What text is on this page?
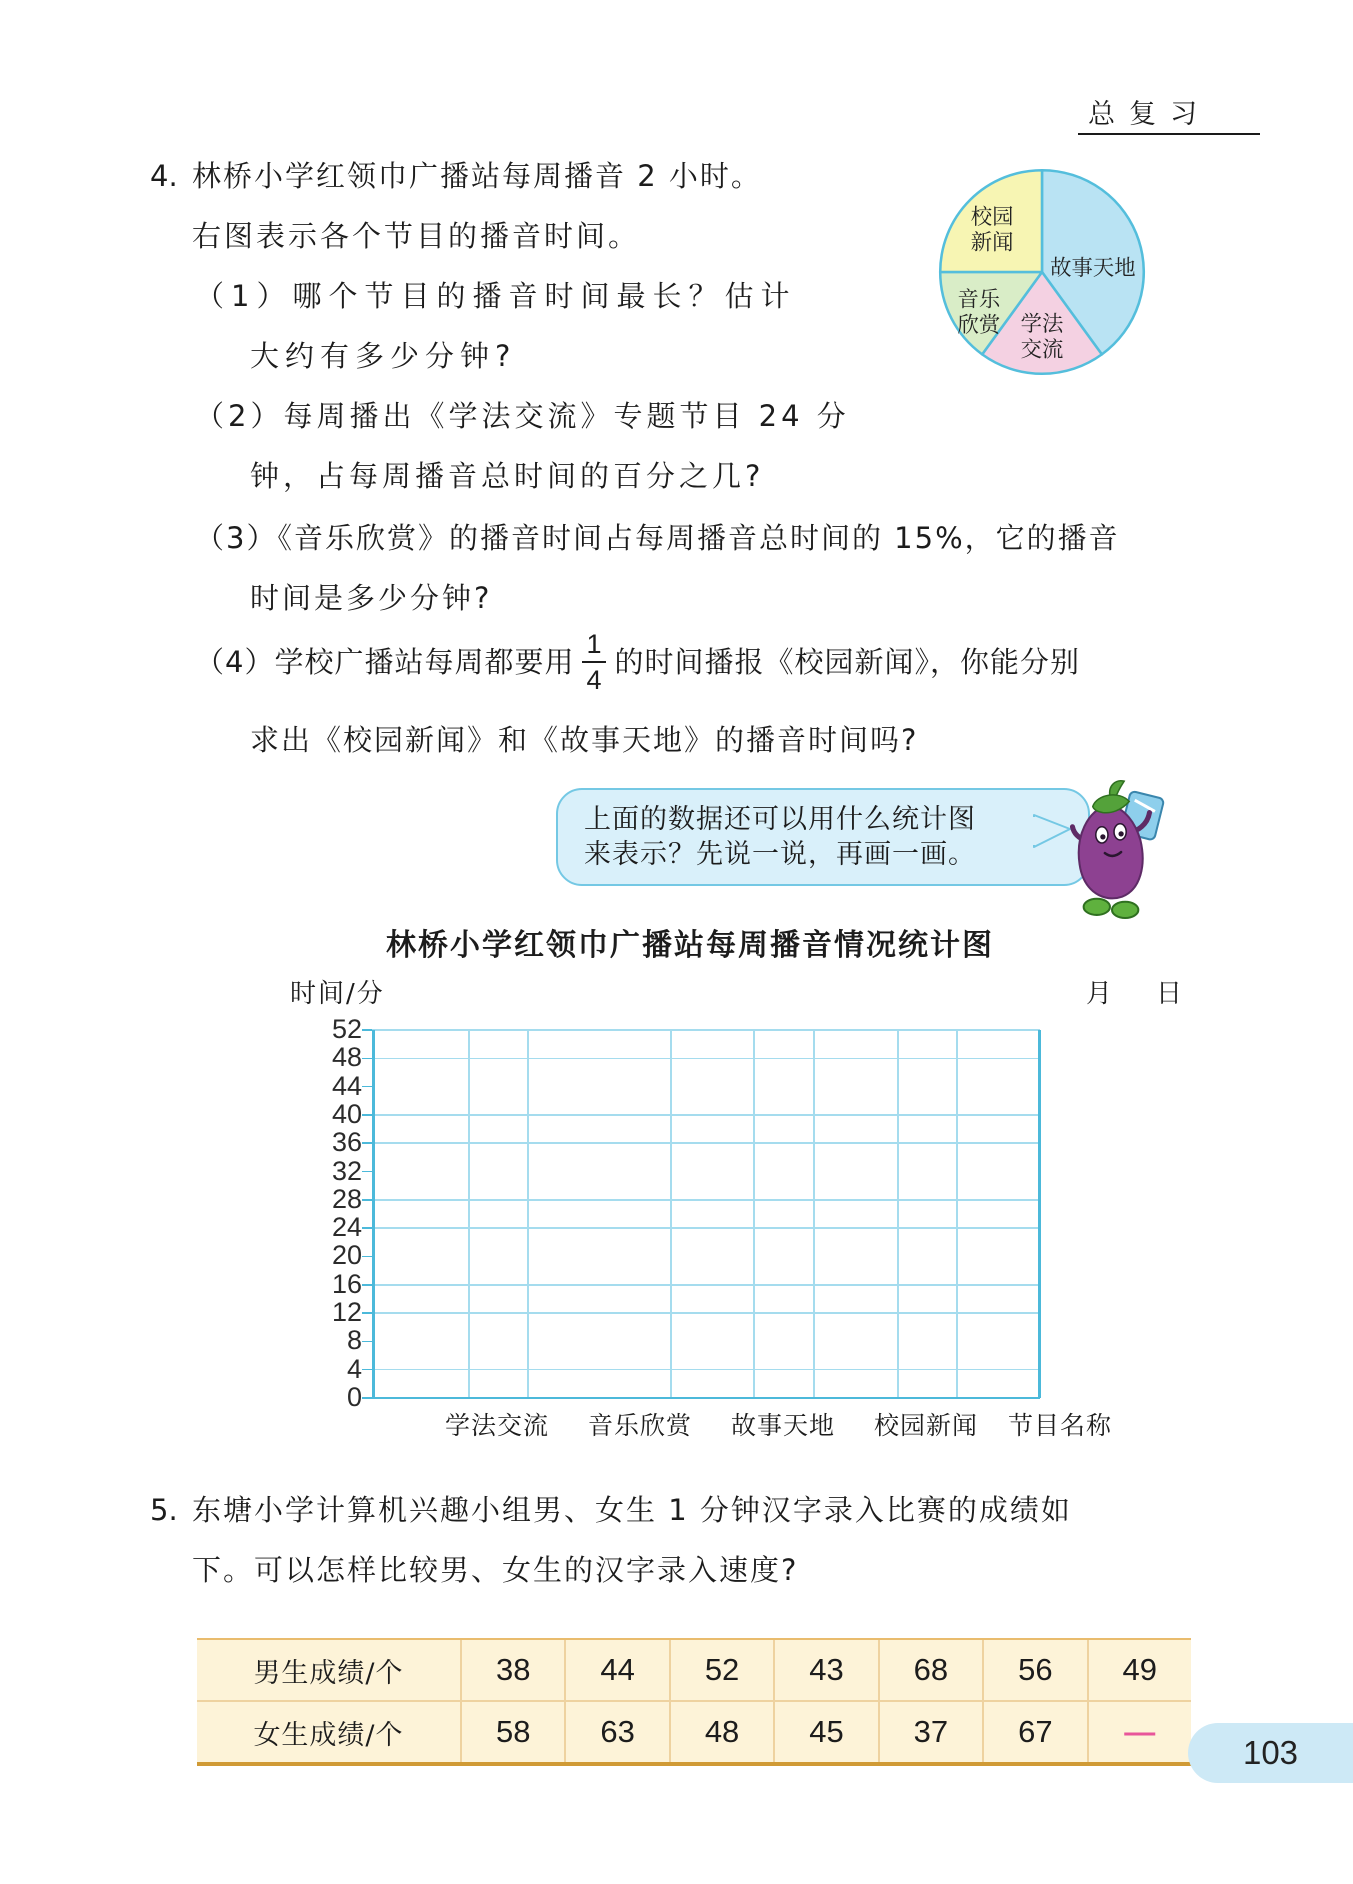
总复习
4. 林桥小学红领巾广播站每周播音 2 小时。
右图表示各个节目的播音时间。
（1）哪个节目的播音时间最长？估计
大约有多少分钟?
（2）每周播出《学法交流》专题节目 24 分
钟，占每周播音总时间的百分之几?
（3）《音乐欣赏》的播音时间占每周播音总时间的 15%，它的播音
时间是多少分钟?
（4）学校广播站每周都要用 $\frac{1}{4}$ 的时间播报《校园新闻》，你能分别
求出《校园新闻》和《故事天地》的播音时间吗?
故事天地
学法交流
音乐欣赏
校园新闻
上面的数据还可以用什么统计图
来表示？先说一说，再画一画。
林桥小学红领巾广播站每周播音情况统计图
时间/分	月 日
0
4
8
12
16
20
24
28
32
36
40
44
48
52
学法交流	音乐欣赏	故事天地	校园新闻	节目名称
5. 东塘小学计算机兴趣小组男、女生 1 分钟汉字录入比赛的成绩如
下。可以怎样比较男、女生的汉字录入速度?
男生成绩/个	38	44	52	43	68	56	49
女生成绩/个	58	63	48	45	37	67	—
103
